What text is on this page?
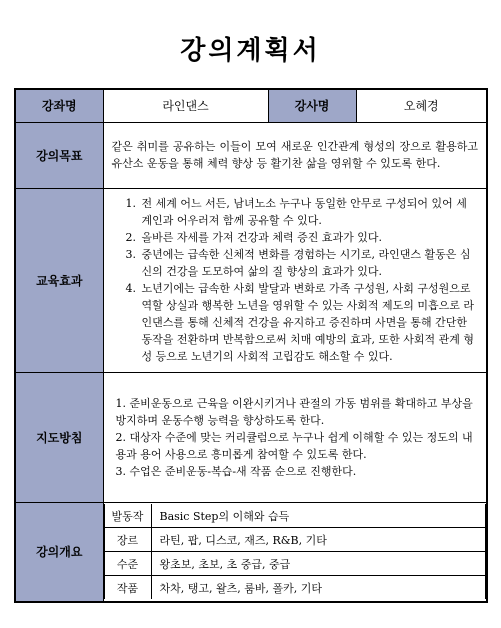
강의계획서
강좌명	라인댄스	강사명	오혜경
강의목표	
같은 취미를 공유하는 이들이 모여 새로운 인간관계 형성의 장으로 활용하고 유산소 운동을 통해 체력 향상 등 활기찬 삶을 영위할 수 있도록 한다.

교육효과	
1. 전 세계 어느 서든, 남녀노소 누구나 동일한 안무로 구성되어 있어 세계인과 어우러져 함께 공유할 수 있다.
2. 올바른 자세를 가져 건강과 체력 증진 효과가 있다.
3. 중년에는 급속한 신체적 변화를 경험하는 시기로, 라인댄스 활동은 심신의 건강을 도모하여 삶의 질 향상의 효과가 있다.
4. 노년기에는 급속한 사회 발달과 변화로 가족 구성원, 사회 구성원으로 역할 상실과 행복한 노년을 영위할 수 있는 사회적 제도의 미흡으로 라인댄스를 통해 신체적 건강을 유지하고 증진하며 사면을 통해 간단한 동작을 전환하며 반복함으로써 치매 예방의 효과, 또한 사회적 관계 형성 등으로 노년기의 사회적 고립감도 해소할 수 있다.

지도방침	

1. 준비운동으로 근육을 이완시키거나 관절의 가동 범위를 확대하고 부상을 방지하며 운동수행 능력을 향상하도록 한다.

2. 대상자 수준에 맞는 커리큘럼으로 누구나 쉽게 이해할 수 있는 정도의 내용과 용어 사용으로 흥미롭게 참여할 수 있도록 한다.

3. 수업은 준비운동-복습-새 작품 순으로 진행한다.

강의개요	
발동작	Basic Step의 이해와 습득
장르	라틴, 팝, 디스코, 재즈, R&B, 기타
수준	왕초보, 초보, 초 중급, 중급
작품	차차, 탱고, 왈츠, 룸바, 폴카, 기타
